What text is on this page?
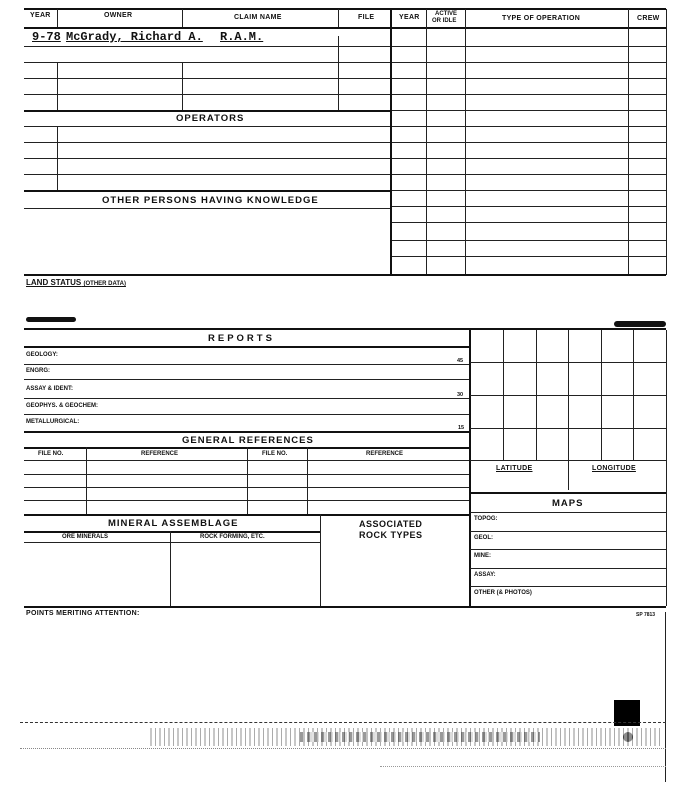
YEAR	OWNER	CLAIM NAME	FILE	YEAR	ACTIVE
OR IDLE	TYPE OF OPERATION	CREW
9-78 McGrady, Richard A. R.A.M.
OPERATORS
OTHER PERSONS HAVING KNOWLEDGE
LAND STATUS (OTHER DATA)
REPORTS
GEOLOGY:
45
ENGRG:
ASSAY & IDENT:
30
GEOPHYS. & GEOCHEM:
METALLURGICAL:
15
GENERAL REFERENCES
FILE NO.	REFERENCE	FILE NO.	REFERENCE
LATITUDE	LONGITUDE
MAPS
TOPOG:
GEOL:
MINE:
ASSAY:
OTHER (& PHOTOS)
MINERAL ASSEMBLAGE
ORE MINERALS	ROCK FORMING, ETC.
ASSOCIATED
ROCK TYPES
POINTS MERITING ATTENTION:	SP 7813
